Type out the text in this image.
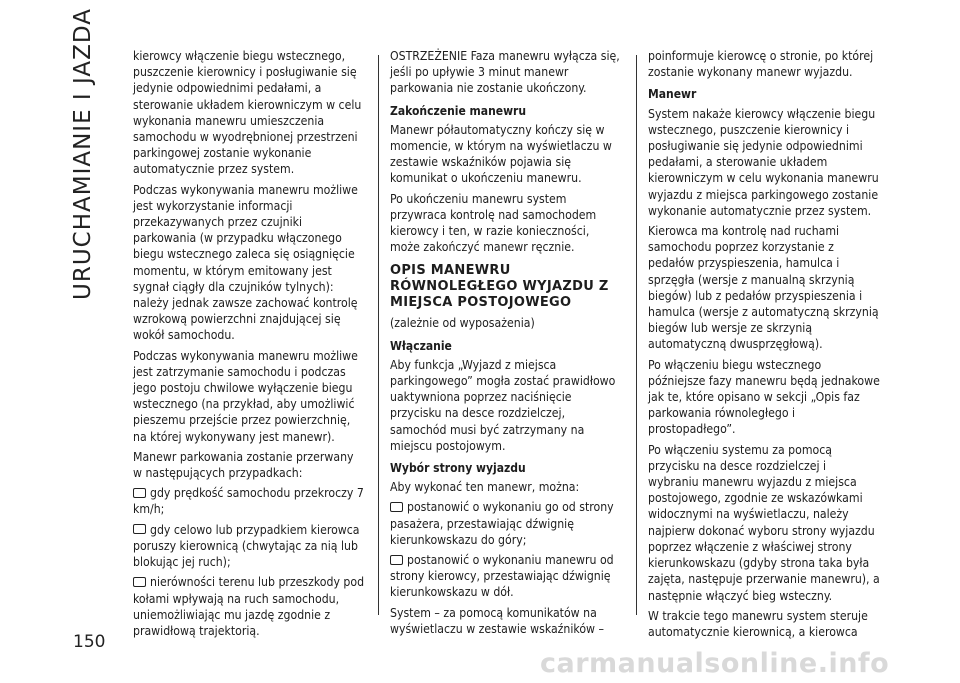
URUCHAMIANIE I JAZDA	kierowcy włączenie biegu wstecznego, puszczenie kierownicy i posługiwanie się jedynie odpowiednimi pedałami, a sterowanie układem kierowniczym w celu wykonania manewru umieszczenia samochodu w wyodrębnionej przestrzeni parkingowej zostanie wykonanie automatycznie przez system.

Podczas wykonywania manewru możliwe jest wykorzystanie informacji przekazywanych przez czujniki parkowania (w przypadku włączonego biegu wstecznego zaleca się osiągnięcie momentu, w którym emitowany jest sygnał ciągły dla czujników tylnych): należy jednak zawsze zachować kontrolę wzrokową powierzchni znajdującej się wokół samochodu.

Podczas wykonywania manewru możliwe jest zatrzymanie samochodu i podczas jego postoju chwilowe wyłączenie biegu wstecznego (na przykład, aby umożliwić pieszemu przejście przez powierzchnię, na której wykonywany jest manewr).

Manewr parkowania zostanie przerwany w następujących przypadkach:

gdy prędkość samochodu przekroczy 7 km/h;

gdy celowo lub przypadkiem kierowca poruszy kierownicą (chwytając za nią lub blokując jej ruch);

nierówności terenu lub przeszkody pod kołami wpływają na ruch samochodu, uniemożliwiając mu jazdę zgodnie z prawidłową trajektorią.

OSTRZEŻENIE Faza manewru wyłącza się, jeśli po upływie 3 minut manewr parkowania nie zostanie ukończony.

Zakończenie manewru

Manewr półautomatyczny kończy się w momencie, w którym na wyświetlaczu w zestawie wskaźników pojawia się komunikat o ukończeniu manewru.

Po ukończeniu manewru system przywraca kontrolę nad samochodem kierowcy i ten, w razie konieczności, może zakończyć manewr ręcznie.

OPIS MANEWRU RÓWNOLEGŁEGO WYJAZDU Z MIEJSCA POSTOJOWEGO

(zależnie od wyposażenia)

Włączanie

Aby funkcja „Wyjazd z miejsca parkingowego” mogła zostać prawidłowo uaktywniona poprzez naciśnięcie przycisku na desce rozdzielczej, samochód musi być zatrzymany na miejscu postojowym.

Wybór strony wyjazdu

Aby wykonać ten manewr, można:

postanowić o wykonaniu go od strony pasażera, przestawiając dźwignię kierunkowskazu do góry;

postanowić o wykonaniu manewru od strony kierowcy, przestawiając dźwignię kierunkowskazu w dół.

System – za pomocą komunikatów na wyświetlaczu w zestawie wskaźników –

poinformuje kierowcę o stronie, po której zostanie wykonany manewr wyjazdu.

Manewr

System nakaże kierowcy włączenie biegu wstecznego, puszczenie kierownicy i posługiwanie się jedynie odpowiednimi pedałami, a sterowanie układem kierowniczym w celu wykonania manewru wyjazdu z miejsca parkingowego zostanie wykonanie automatycznie przez system.

Kierowca ma kontrolę nad ruchami samochodu poprzez korzystanie z pedałów przyspieszenia, hamulca i sprzęgła (wersje z manualną skrzynią biegów) lub z pedałów przyspieszenia i hamulca (wersje z automatyczną skrzynią biegów lub wersje ze skrzynią automatyczną dwusprzęgłową).

Po włączeniu biegu wstecznego późniejsze fazy manewru będą jednakowe jak te, które opisano w sekcji „Opis faz parkowania równoległego i prostopadłego”.

Po włączeniu systemu za pomocą przycisku na desce rozdzielczej i wybraniu manewru wyjazdu z miejsca postojowego, zgodnie ze wskazówkami widocznymi na wyświetlaczu, należy najpierw dokonać wyboru strony wyjazdu poprzez włączenie z właściwej strony kierunkowskazu (gdyby strona taka była zajęta, następuje przerwanie manewru), a następnie włączyć bieg wsteczny.

W trakcie tego manewru system steruje automatycznie kierownicą, a kierowca

150
carmanualsonline.info
